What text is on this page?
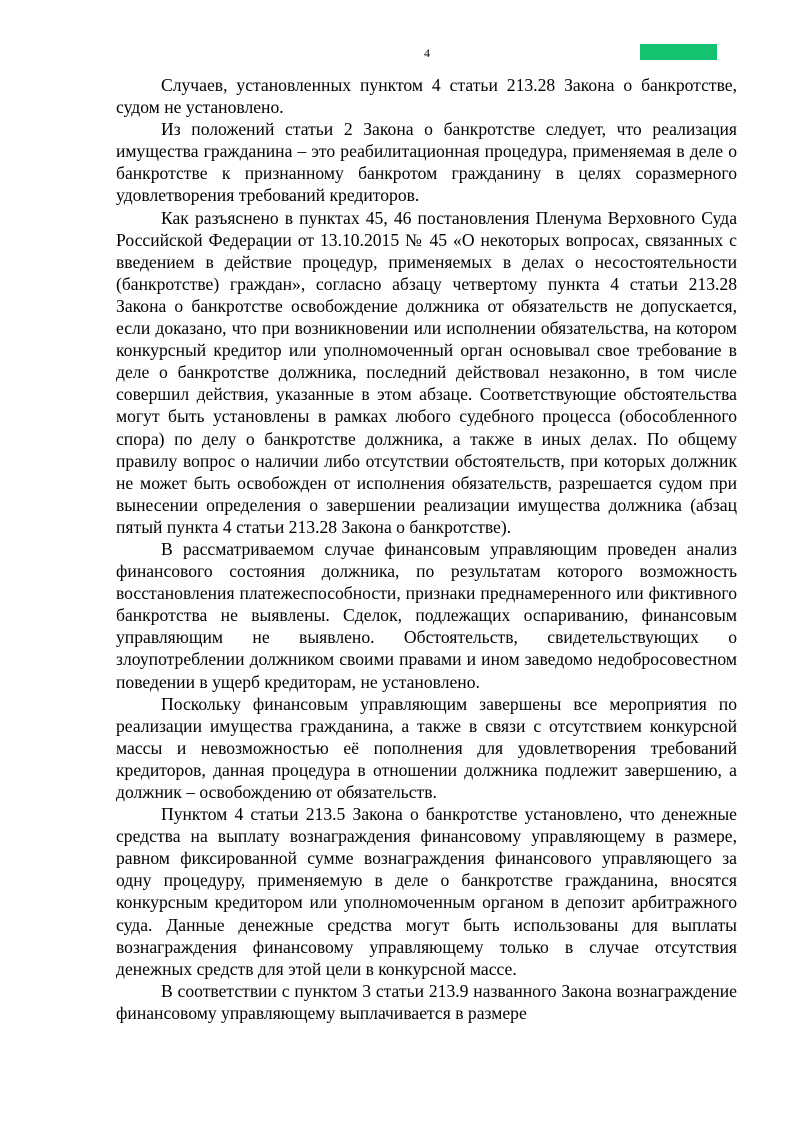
4

Случаев, установленных пунктом 4 статьи 213.28 Закона о банкротстве, судом не установлено.

Из положений статьи 2 Закона о банкротстве следует, что реализация имущества гражданина – это реабилитационная процедура, применяемая в деле о банкротстве к признанному банкротом гражданину в целях соразмерного удовлетворения требований кредиторов.

Как разъяснено в пунктах 45, 46 постановления Пленума Верховного Суда Российской Федерации от 13.10.2015 № 45 «О некоторых вопросах, связанных с введением в действие процедур, применяемых в делах о несостоятельности (банкротстве) граждан», согласно абзацу четвертому пункта 4 статьи 213.28 Закона о банкротстве освобождение должника от обязательств не допускается, если доказано, что при возникновении или исполнении обязательства, на котором конкурсный кредитор или уполномоченный орган основывал свое требование в деле о банкротстве должника, последний действовал незаконно, в том числе совершил действия, указанные в этом абзаце. Соответствующие обстоятельства могут быть установлены в рамках любого судебного процесса (обособленного спора) по делу о банкротстве должника, а также в иных делах. По общему правилу вопрос о наличии либо отсутствии обстоятельств, при которых должник не может быть освобожден от исполнения обязательств, разрешается судом при вынесении определения о завершении реализации имущества должника (абзац пятый пункта 4 статьи 213.28 Закона о банкротстве).

В рассматриваемом случае финансовым управляющим проведен анализ финансового состояния должника, по результатам которого возможность восстановления платежеспособности, признаки преднамеренного или фиктивного банкротства не выявлены. Сделок, подлежащих оспариванию, финансовым управляющим не выявлено. Обстоятельств, свидетельствующих о злоупотреблении должником своими правами и ином заведомо недобросовестном поведении в ущерб кредиторам, не установлено.

Поскольку финансовым управляющим завершены все мероприятия по реализации имущества гражданина, а также в связи с отсутствием конкурсной массы и невозможностью её пополнения для удовлетворения требований кредиторов, данная процедура в отношении должника подлежит завершению, а должник – освобождению от обязательств.

Пунктом 4 статьи 213.5 Закона о банкротстве установлено, что денежные средства на выплату вознаграждения финансовому управляющему в размере, равном фиксированной сумме вознаграждения финансового управляющего за одну процедуру, применяемую в деле о банкротстве гражданина, вносятся конкурсным кредитором или уполномоченным органом в депозит арбитражного суда. Данные денежные средства могут быть использованы для выплаты вознаграждения финансовому управляющему только в случае отсутствия денежных средств для этой цели в конкурсной массе.

В соответствии с пунктом 3 статьи 213.9 названного Закона вознаграждение финансовому управляющему выплачивается в размере
